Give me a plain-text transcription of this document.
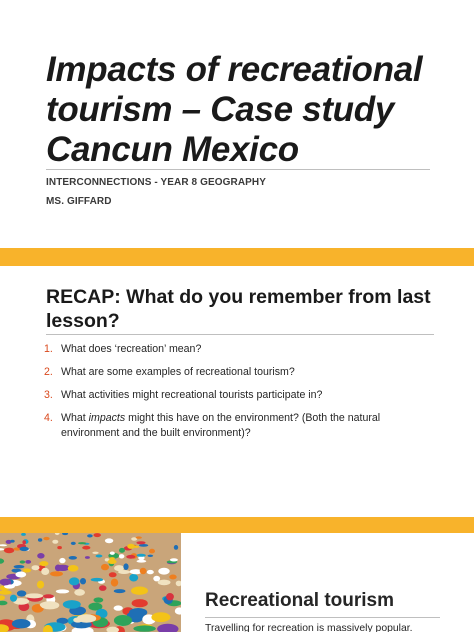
Impacts of recreational tourism – Case study Cancun Mexico
INTERCONNECTIONS - YEAR 8 GEOGRAPHY
MS. GIFFARD
RECAP: What do you remember from last lesson?
1. What does ‘recreation’ mean?
2. What are some examples of recreational tourism?
3. What activities might recreational tourists participate in?
4. What impacts might this have on the environment? (Both the natural environment and the built environment)?
Recreational tourism

Travelling for recreation is massively popular.
